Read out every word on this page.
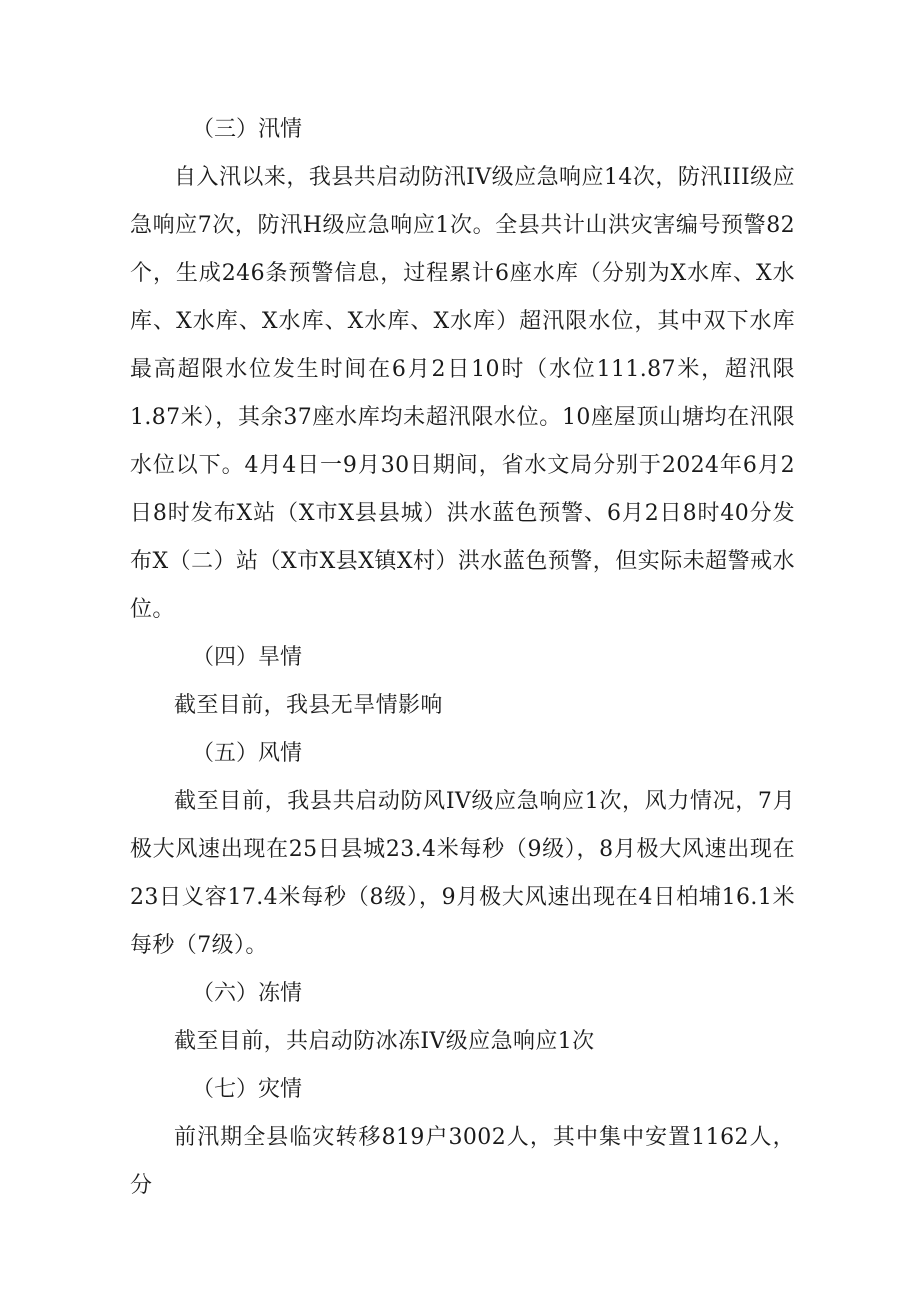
（三）汛情

自入汛以来，我县共启动防汛IV级应急响应14次，防汛III级应急响应7次，防汛H级应急响应1次。全县共计山洪灾害编号预警82个，生成246条预警信息，过程累计6座水库（分别为X水库、X水库、X水库、X水库、X水库、X水库）超汛限水位，其中双下水库最高超限水位发生时间在6月2日10时（水位111.87米，超汛限1.87米），其余37座水库均未超汛限水位。10座屋顶山塘均在汛限水位以下。4月4日一9月30日期间，省水文局分别于2024年6月2日8时发布X站（X市X县县城）洪水蓝色预警、6月2日8时40分发布X（二）站（X市X县X镇X村）洪水蓝色预警，但实际未超警戒水位。

（四）旱情

截至目前，我县无旱情影响

（五）风情

截至目前，我县共启动防风IV级应急响应1次，风力情况，7月极大风速出现在25日县城23.4米每秒（9级），8月极大风速出现在23日义容17.4米每秒（8级），9月极大风速出现在4日柏埔16.1米每秒（7级）。

（六）冻情

截至目前，共启动防冰冻IV级应急响应1次

（七）灾情

前汛期全县临灾转移819户3002人，其中集中安置1162人，分
